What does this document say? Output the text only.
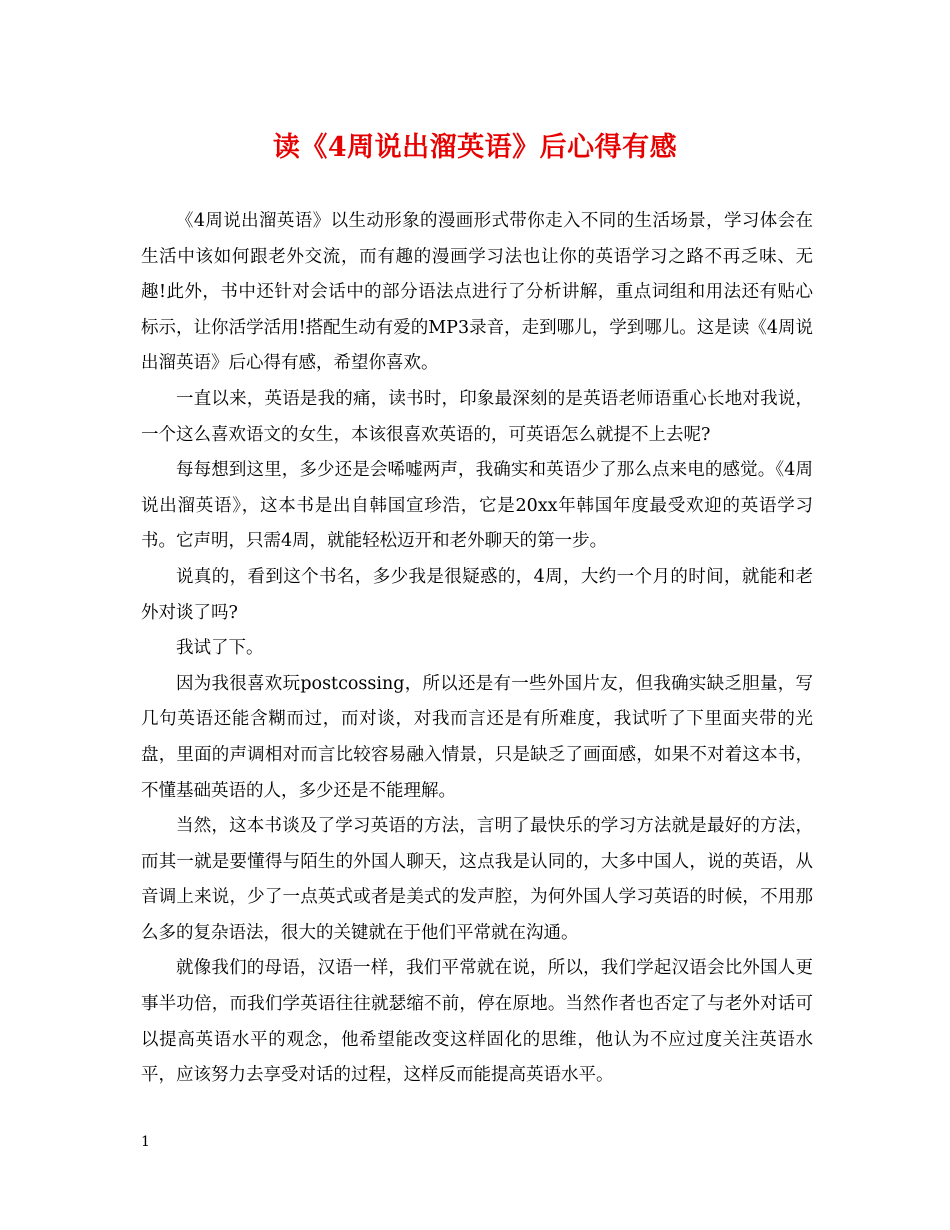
读《4周说出溜英语》后心得有感

《4周说出溜英语》以生动形象的漫画形式带你走入不同的生活场景，学习体会在生活中该如何跟老外交流，而有趣的漫画学习法也让你的英语学习之路不再乏味、无趣!此外，书中还针对会话中的部分语法点进行了分析讲解，重点词组和用法还有贴心标示，让你活学活用!搭配生动有爱的MP3录音，走到哪儿，学到哪儿。这是读《4周说出溜英语》后心得有感，希望你喜欢。

一直以来，英语是我的痛，读书时，印象最深刻的是英语老师语重心长地对我说，一个这么喜欢语文的女生，本该很喜欢英语的，可英语怎么就提不上去呢?

每每想到这里，多少还是会唏嘘两声，我确实和英语少了那么点来电的感觉。《4周说出溜英语》，这本书是出自韩国宣珍浩，它是20xx年韩国年度最受欢迎的英语学习书。它声明，只需4周，就能轻松迈开和老外聊天的第一步。

说真的，看到这个书名，多少我是很疑惑的，4周，大约一个月的时间，就能和老外对谈了吗?

我试了下。

因为我很喜欢玩postcossing，所以还是有一些外国片友，但我确实缺乏胆量，写几句英语还能含糊而过，而对谈，对我而言还是有所难度，我试听了下里面夹带的光盘，里面的声调相对而言比较容易融入情景，只是缺乏了画面感，如果不对着这本书，不懂基础英语的人，多少还是不能理解。

当然，这本书谈及了学习英语的方法，言明了最快乐的学习方法就是最好的方法，而其一就是要懂得与陌生的外国人聊天，这点我是认同的，大多中国人，说的英语，从音调上来说，少了一点英式或者是美式的发声腔，为何外国人学习英语的时候，不用那么多的复杂语法，很大的关键就在于他们平常就在沟通。

就像我们的母语，汉语一样，我们平常就在说，所以，我们学起汉语会比外国人更事半功倍，而我们学英语往往就瑟缩不前，停在原地。当然作者也否定了与老外对话可以提高英语水平的观念，他希望能改变这样固化的思维，他认为不应过度关注英语水平，应该努力去享受对话的过程，这样反而能提高英语水平。

1
